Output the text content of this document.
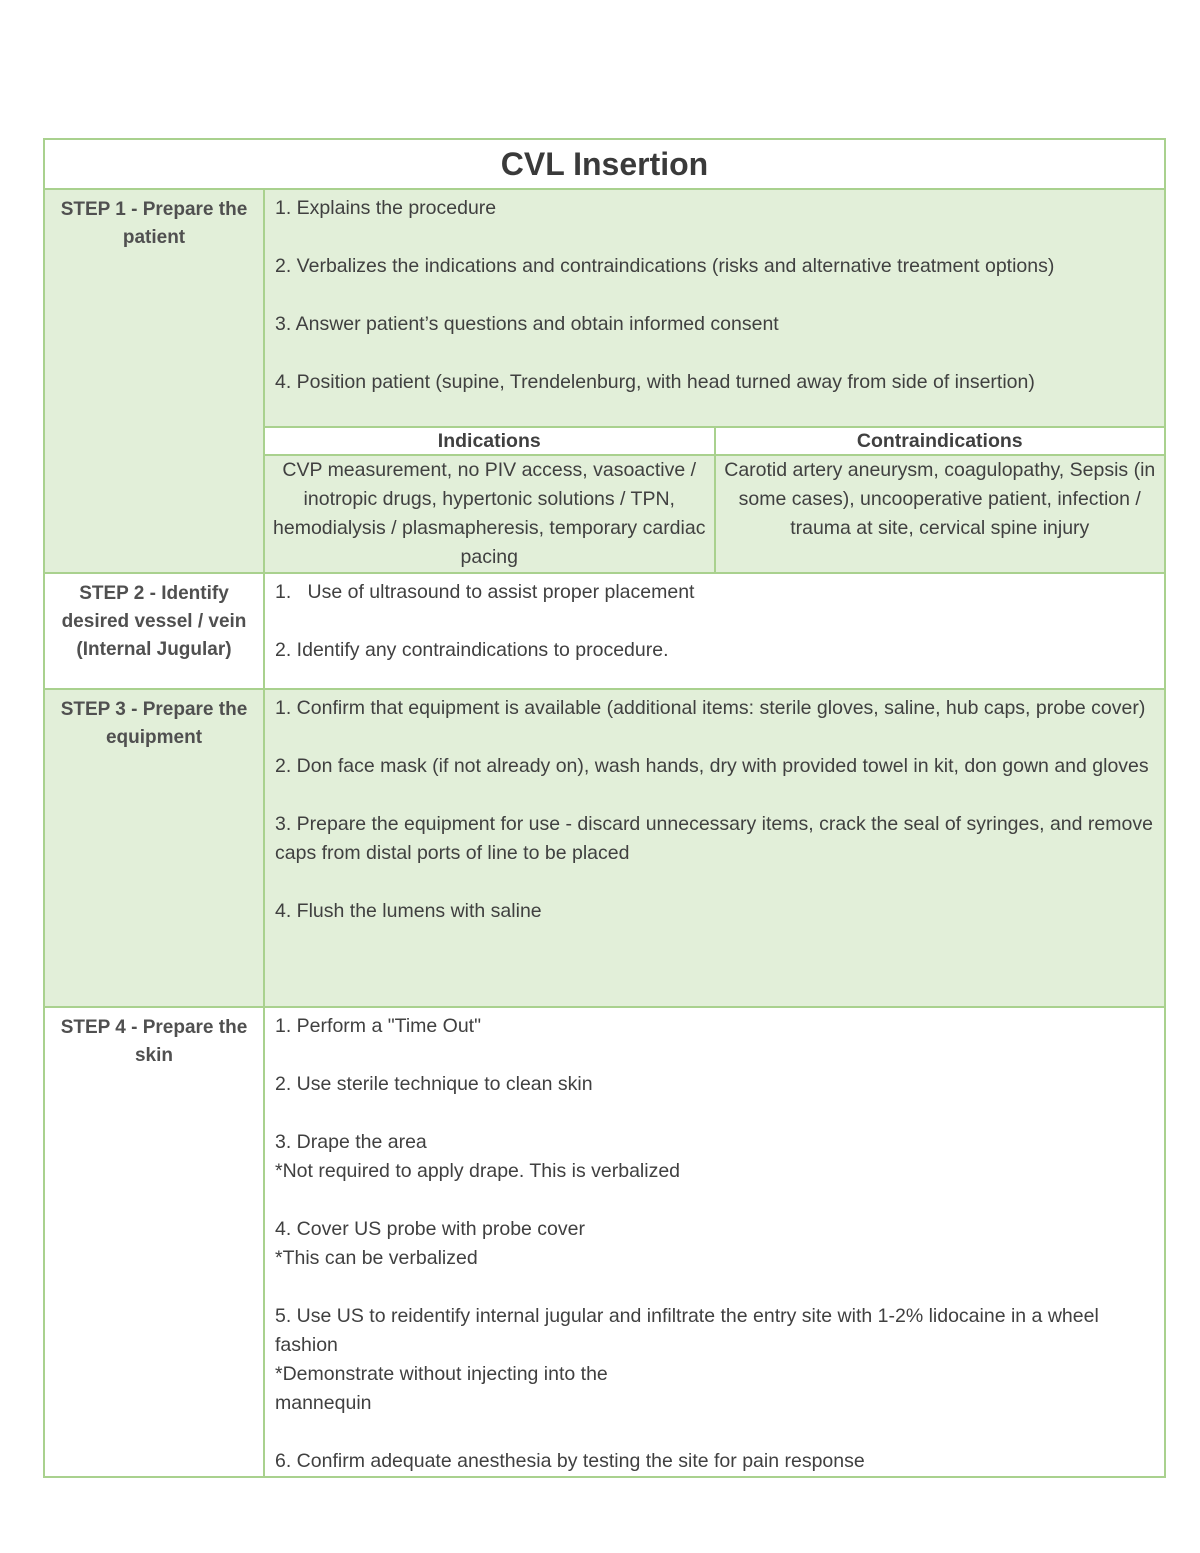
CVL Insertion
STEP 1 - Prepare the patient	

1. Explains the procedure

2. Verbalizes the indications and contraindications (risks and alternative treatment options)

3. Answer patient’s questions and obtain informed consent

4. Position patient (supine, Trendelenburg, with head turned away from side of insertion)

Indications	Contraindications
CVP measurement, no PIV access, vasoactive / inotropic drugs, hypertonic solutions / TPN, hemodialysis / plasmapheresis, temporary cardiac pacing	Carotid artery aneurysm, coagulopathy, Sepsis (in some cases), uncooperative patient, infection / trauma at site, cervical spine injury

STEP 2 - Identify desired vessel / vein (Internal Jugular)	

1.   Use of ultrasound to assist proper placement

2. Identify any contraindications to procedure.

STEP 3 - Prepare the equipment	

1. Confirm that equipment is available (additional items: sterile gloves, saline, hub caps, probe cover)

2. Don face mask (if not already on), wash hands, dry with provided towel in kit, don gown and gloves

3. Prepare the equipment for use - discard unnecessary items, crack the seal of syringes, and remove caps from distal ports of line to be placed

4. Flush the lumens with saline

STEP 4 - Prepare the skin	

1. Perform a "Time Out"

2. Use sterile technique to clean skin

3. Drape the area

*Not required to apply drape. This is verbalized

4. Cover US probe with probe cover

*This can be verbalized

5. Use US to reidentify internal jugular and infiltrate the entry site with 1-2% lidocaine in a wheel fashion

*Demonstrate without injecting into the

mannequin

6. Confirm adequate anesthesia by testing the site for pain response
